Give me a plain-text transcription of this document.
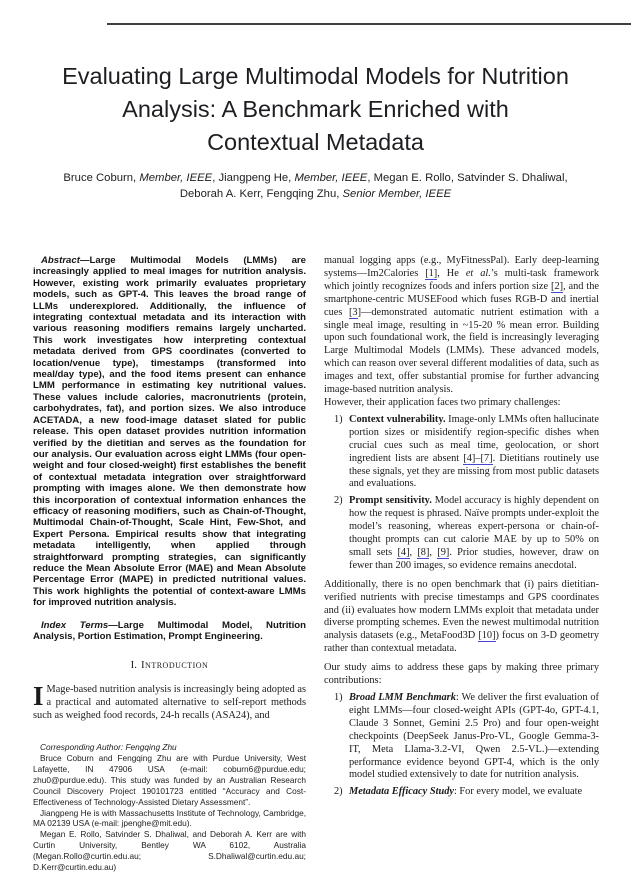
Evaluating Large Multimodal Models for Nutrition
Analysis: A Benchmark Enriched with
Contextual Metadata
Bruce Coburn, Member, IEEE, Jiangpeng He, Member, IEEE, Megan E. Rollo, Satvinder S. Dhaliwal,
Deborah A. Kerr, Fengqing Zhu, Senior Member, IEEE

Abstract—Large Multimodal Models (LMMs) are increasingly applied to meal images for nutrition analysis. However, existing work primarily evaluates proprietary models, such as GPT-4. This leaves the broad range of LLMs underexplored. Additionally, the influence of integrating contextual metadata and its interaction with various reasoning modifiers remains largely uncharted. This work investigates how interpreting contextual metadata derived from GPS coordinates (converted to location/venue type), timestamps (transformed into meal/day type), and the food items present can enhance LMM performance in estimating key nutritional values. These values include calories, macronutrients (protein, carbohydrates, fat), and portion sizes. We also introduce ACETADA, a new food-image dataset slated for public release. This open dataset provides nutrition information verified by the dietitian and serves as the foundation for our analysis. Our evaluation across eight LMMs (four open-weight and four closed-weight) first establishes the benefit of contextual metadata integration over straightforward prompting with images alone. We then demonstrate how this incorporation of contextual information enhances the efficacy of reasoning modifiers, such as Chain-of-Thought, Multimodal Chain-of-Thought, Scale Hint, Few-Shot, and Expert Persona. Empirical results show that integrating metadata intelligently, when applied through straightforward prompting strategies, can significantly reduce the Mean Absolute Error (MAE) and Mean Absolute Percentage Error (MAPE) in predicted nutritional values. This work highlights the potential of context-aware LMMs for improved nutrition analysis.

Index Terms—Large Multimodal Model, Nutrition Analysis, Portion Estimation, Prompt Engineering.

I. Introduction

I Mage-based nutrition analysis is increasingly being adopted as a practical and automated alternative to self-report methods such as weighed food records, 24-h recalls (ASA24), and

Corresponding Author: Fengqing Zhu

Bruce Coburn and Fengqing Zhu are with Purdue University, West Lafayette, IN 47906 USA (e-mail: coburn6@purdue.edu; zhu0@purdue.edu). This study was funded by an Australian Research Council Discovery Project 190101723 entitled “Accuracy and Cost-Effectiveness of Technology-Assisted Dietary Assessment”.

Jiangpeng He is with Massachusetts Institute of Technology, Cambridge, MA 02139 USA (e-mail: jpenghe@mit.edu).

Megan E. Rollo, Satvinder S. Dhaliwal, and Deborah A. Kerr are with Curtin University, Bentley WA 6102, Australia (Megan.Rollo@curtin.edu.au; S.Dhaliwal@curtin.edu.au; D.Kerr@curtin.edu.au)

manual logging apps (e.g., MyFitnessPal). Early deep-learning systems—Im2Calories [1], He et al.’s multi-task framework which jointly recognizes foods and infers portion size [2], and the smartphone-centric MUSEFood which fuses RGB-D and inertial cues [3]—demonstrated automatic nutrient estimation with a single meal image, resulting in ~15-20 % mean error. Building upon such foundational work, the field is increasingly leveraging Large Multimodal Models (LMMs). These advanced models, which can reason over several different modalities of data, such as images and text, offer substantial promise for further advancing image-based nutrition analysis.

However, their application faces two primary challenges:

1) Context vulnerability. Image-only LMMs often hallucinate portion sizes or misidentify region-specific dishes when crucial cues such as meal time, geolocation, or short ingredient lists are absent [4]–[7]. Dietitians routinely use these signals, yet they are missing from most public datasets and evaluations.
2) Prompt sensitivity. Model accuracy is highly dependent on how the request is phrased. Naïve prompts under-exploit the model’s reasoning, whereas expert-persona or chain-of-thought prompts can cut calorie MAE by up to 50% on small sets [4], [8], [9]. Prior studies, however, draw on fewer than 200 images, so evidence remains anecdotal.

Additionally, there is no open benchmark that (i) pairs dietitian-verified nutrients with precise timestamps and GPS coordinates and (ii) evaluates how modern LMMs exploit that metadata under diverse prompting schemes. Even the newest multimodal nutrition analysis datasets (e.g., MetaFood3D [10]) focus on 3-D geometry rather than contextual metadata.

Our study aims to address these gaps by making three primary contributions:

1) Broad LMM Benchmark: We deliver the first evaluation of eight LMMs—four closed-weight APIs (GPT-4o, GPT-4.1, Claude 3 Sonnet, Gemini 2.5 Pro) and four open-weight checkpoints (DeepSeek Janus-Pro-VL, Google Gemma-3-IT, Meta Llama-3.2-VI, Qwen 2.5-VL.)—extending performance evidence beyond GPT-4, which is the only model studied extensively to date for nutrition analysis.
2) Metadata Efficacy Study: For every model, we evaluate
